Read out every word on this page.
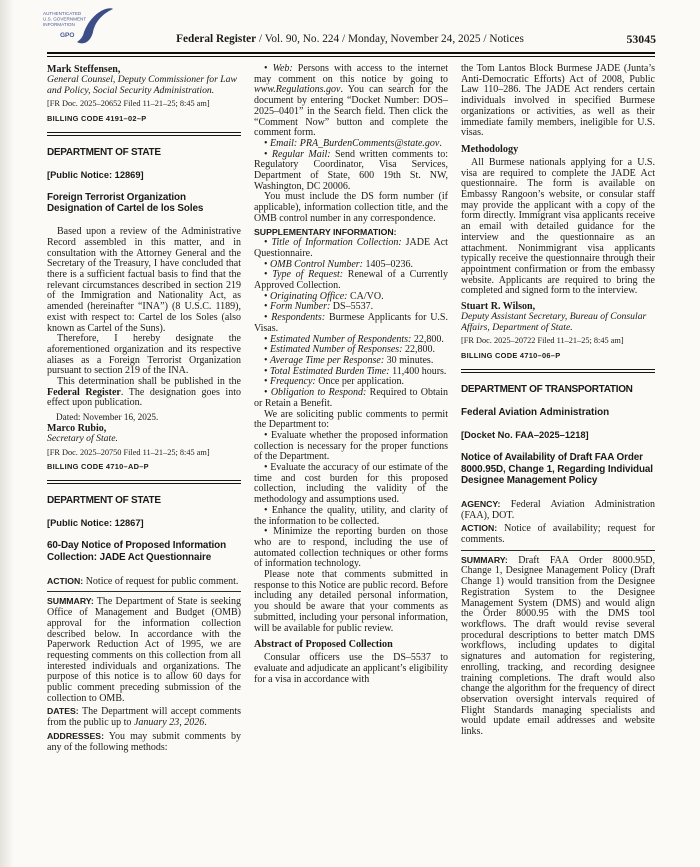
AUTHENTICATED
U.S. GOVERNMENT
INFORMATION
GPO	Federal Register / Vol. 90, No. 224 / Monday, November 24, 2025 / Notices	53045

Mark Steffensen,

General Counsel, Deputy Commissioner for Law and Policy, Social Security Administration.

[FR Doc. 2025–20652 Filed 11–21–25; 8:45 am]

BILLING CODE 4191–02–P

DEPARTMENT OF STATE

[Public Notice: 12869]

Foreign Terrorist Organization Designation of Cartel de los Soles

Based upon a review of the Administrative Record assembled in this matter, and in consultation with the Attorney General and the Secretary of the Treasury, I have concluded that there is a sufficient factual basis to find that the relevant circumstances described in section 219 of the Immigration and Nationality Act, as amended (hereinafter “INA”) (8 U.S.C. 1189), exist with respect to: Cartel de los Soles (also known as Cartel of the Suns).

Therefore, I hereby designate the aforementioned organization and its respective aliases as a Foreign Terrorist Organization pursuant to section 219 of the INA.

This determination shall be published in the Federal Register. The designation goes into effect upon publication.

Dated: November 16, 2025.

Marco Rubio,

Secretary of State.

[FR Doc. 2025–20750 Filed 11–21–25; 8:45 am]

BILLING CODE 4710–AD–P

DEPARTMENT OF STATE

[Public Notice: 12867]

60-Day Notice of Proposed Information Collection: JADE Act Questionnaire

ACTION: Notice of request for public comment.

SUMMARY: The Department of State is seeking Office of Management and Budget (OMB) approval for the information collection described below. In accordance with the Paperwork Reduction Act of 1995, we are requesting comments on this collection from all interested individuals and organizations. The purpose of this notice is to allow 60 days for public comment preceding submission of the collection to OMB.

DATES: The Department will accept comments from the public up to January 23, 2026.

ADDRESSES: You may submit comments by any of the following methods:

• Web: Persons with access to the internet may comment on this notice by going to www.Regulations.gov. You can search for the document by entering “Docket Number: DOS–2025–0401” in the Search field. Then click the “Comment Now” button and complete the comment form.

• Email: PRA_BurdenComments@​state.gov.

• Regular Mail: Send written comments to: Regulatory Coordinator, Visa Services, Department of State, 600 19th St. NW, Washington, DC 20006.

You must include the DS form number (if applicable), information collection title, and the OMB control number in any correspondence.

SUPPLEMENTARY INFORMATION:

• Title of Information Collection: JADE Act Questionnaire.

• OMB Control Number: 1405–0236.

• Type of Request: Renewal of a Currently Approved Collection.

• Originating Office: CA/VO.

• Form Number: DS–5537.

• Respondents: Burmese Applicants for U.S. Visas.

• Estimated Number of Respondents: 22,800.

• Estimated Number of Responses: 22,800.

• Average Time per Response: 30 minutes.

• Total Estimated Burden Time: 11,400 hours.

• Frequency: Once per application.

• Obligation to Respond: Required to Obtain or Retain a Benefit.

We are soliciting public comments to permit the Department to:

• Evaluate whether the proposed information collection is necessary for the proper functions of the Department.

• Evaluate the accuracy of our estimate of the time and cost burden for this proposed collection, including the validity of the methodology and assumptions used.

• Enhance the quality, utility, and clarity of the information to be collected.

• Minimize the reporting burden on those who are to respond, including the use of automated collection techniques or other forms of information technology.

Please note that comments submitted in response to this Notice are public record. Before including any detailed personal information, you should be aware that your comments as submitted, including your personal information, will be available for public review.

Abstract of Proposed Collection

Consular officers use the DS–5537 to evaluate and adjudicate an applicant’s eligibility for a visa in accordance with

the Tom Lantos Block Burmese JADE (Junta’s Anti-Democratic Efforts) Act of 2008, Public Law 110–286. The JADE Act renders certain individuals involved in specified Burmese organizations or activities, as well as their immediate family members, ineligible for U.S. visas.

Methodology

All Burmese nationals applying for a U.S. visa are required to complete the JADE Act questionnaire. The form is available on Embassy Rangoon’s website, or consular staff may provide the applicant with a copy of the form directly. Immigrant visa applicants receive an email with detailed guidance for the interview and the questionnaire as an attachment. Nonimmigrant visa applicants typically receive the questionnaire through their appointment confirmation or from the embassy website. Applicants are required to bring the completed and signed form to the interview.

Stuart R. Wilson,

Deputy Assistant Secretary, Bureau of Consular Affairs, Department of State.

[FR Doc. 2025–20722 Filed 11–21–25; 8:45 am]

BILLING CODE 4710–06–P

DEPARTMENT OF TRANSPORTATION

Federal Aviation Administration

[Docket No. FAA–2025–1218]

Notice of Availability of Draft FAA Order 8000.95D, Change 1, Regarding Individual Designee Management Policy

AGENCY: Federal Aviation Administration (FAA), DOT.

ACTION: Notice of availability; request for comments.

SUMMARY: Draft FAA Order 8000.95D, Change 1, Designee Management Policy (Draft Change 1) would transition from the Designee Registration System to the Designee Management System (DMS) and would align the Order 8000.95 with the DMS tool workflows. The draft would revise several procedural descriptions to better match DMS workflows, including updates to digital signatures and automation for registering, enrolling, tracking, and recording designee training completions. The draft would also change the algorithm for the frequency of direct observation oversight intervals required of Flight Standards managing specialists and would update email addresses and website links.
